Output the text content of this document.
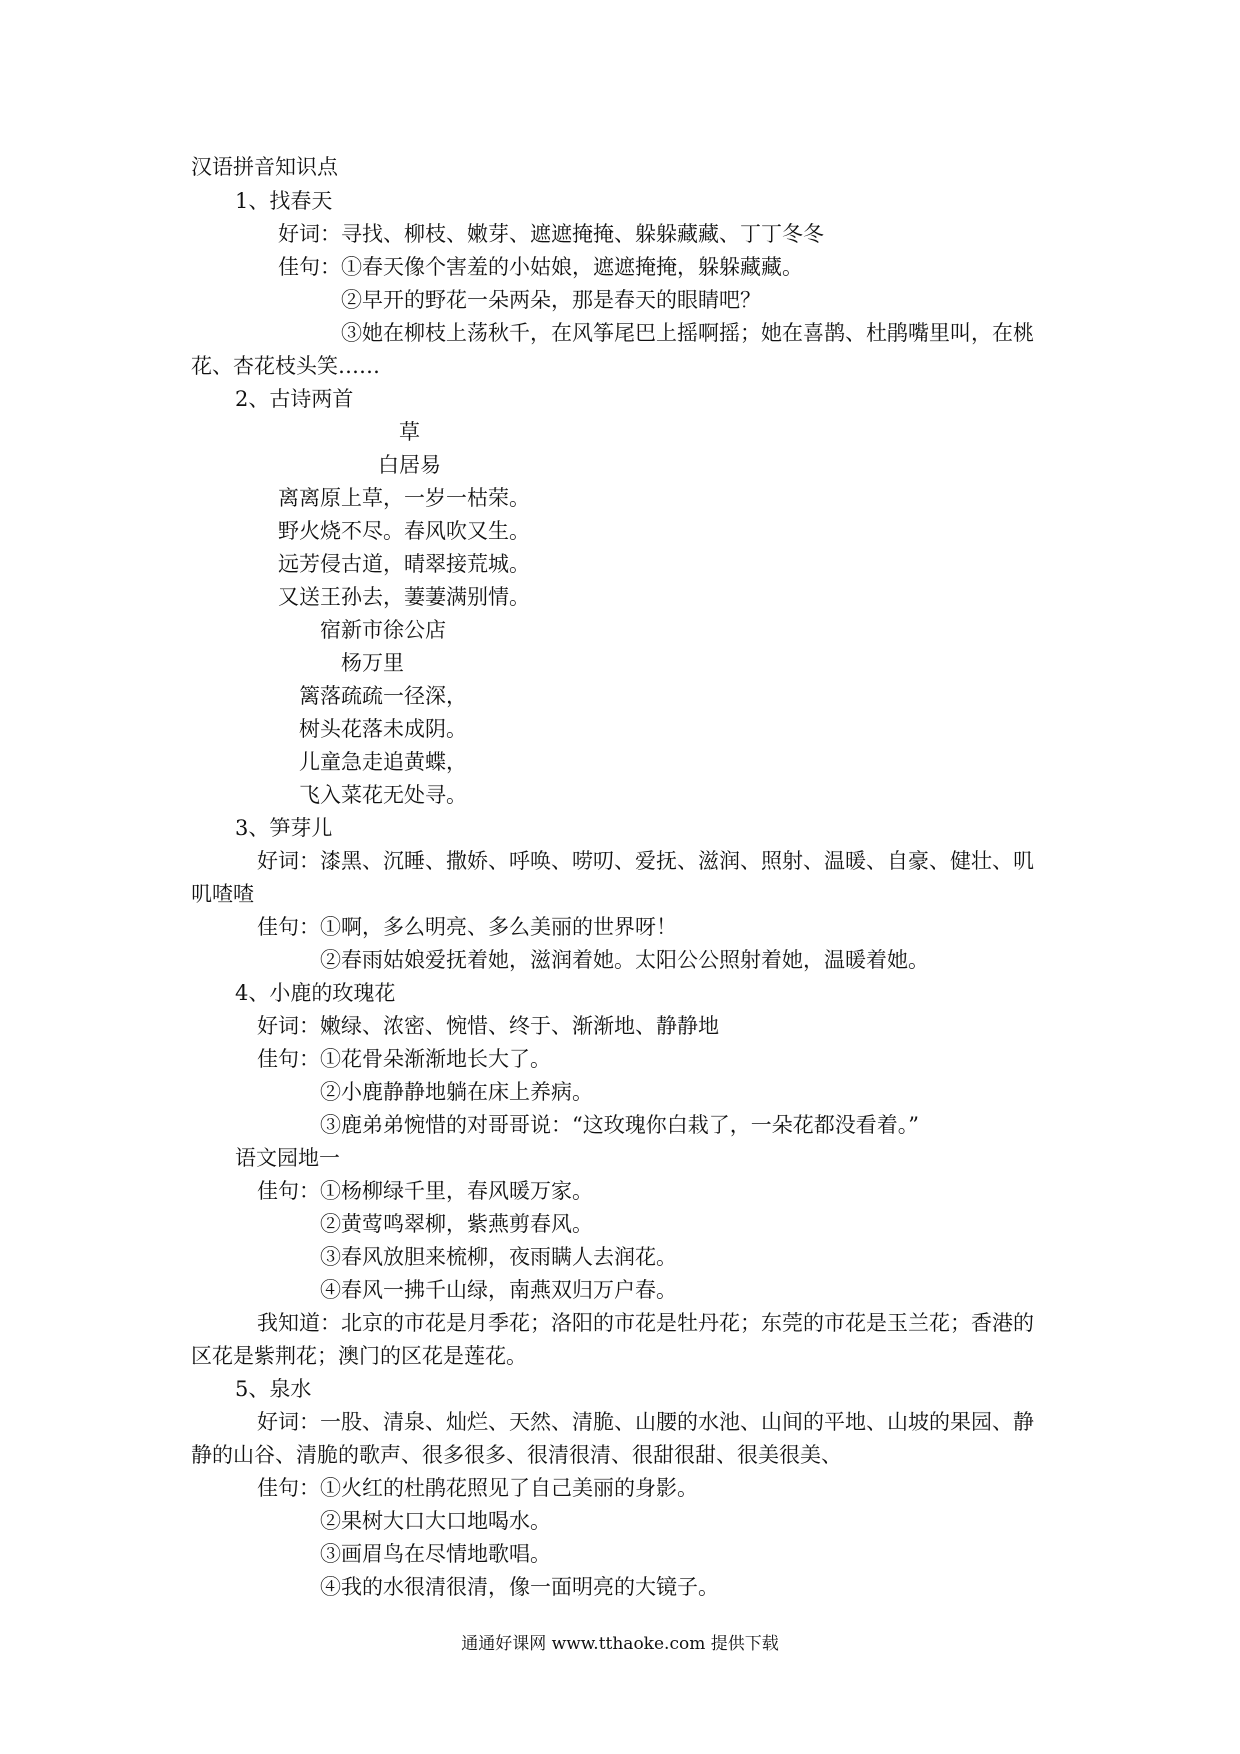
汉语拼音知识点
1、找春天
好词：寻找、柳枝、嫩芽、遮遮掩掩、躲躲藏藏、丁丁冬冬
佳句：①春天像个害羞的小姑娘，遮遮掩掩，躲躲藏藏。
②早开的野花一朵两朵，那是春天的眼睛吧？
③她在柳枝上荡秋千，在风筝尾巴上摇啊摇；她在喜鹊、杜鹃嘴里叫，在桃
花、杏花枝头笑……
2、古诗两首
草
白居易
离离原上草，一岁一枯荣。
野火烧不尽。春风吹又生。
远芳侵古道，晴翠接荒城。
又送王孙去，萋萋满别情。
宿新市徐公店
杨万里
篱落疏疏一径深，
树头花落未成阴。
儿童急走追黄蝶，
飞入菜花无处寻。
3、笋芽儿
好词：漆黑、沉睡、撒娇、呼唤、唠叨、爱抚、滋润、照射、温暖、自豪、健壮、叽
叽喳喳
佳句：①啊，多么明亮、多么美丽的世界呀！
②春雨姑娘爱抚着她，滋润着她。太阳公公照射着她，温暖着她。
4、小鹿的玫瑰花
好词：嫩绿、浓密、惋惜、终于、渐渐地、静静地
佳句：①花骨朵渐渐地长大了。
②小鹿静静地躺在床上养病。
③鹿弟弟惋惜的对哥哥说：“这玫瑰你白栽了，一朵花都没看着。”
语文园地一
佳句：①杨柳绿千里，春风暖万家。
②黄莺鸣翠柳，紫燕剪春风。
③春风放胆来梳柳，夜雨瞒人去润花。
④春风一拂千山绿，南燕双归万户春。
我知道：北京的市花是月季花；洛阳的市花是牡丹花；东莞的市花是玉兰花；香港的
区花是紫荆花；澳门的区花是莲花。
5、泉水
好词：一股、清泉、灿烂、天然、清脆、山腰的水池、山间的平地、山坡的果园、静
静的山谷、清脆的歌声、很多很多、很清很清、很甜很甜、很美很美、
佳句：①火红的杜鹃花照见了自己美丽的身影。
②果树大口大口地喝水。
③画眉鸟在尽情地歌唱。
④我的水很清很清，像一面明亮的大镜子。
通通好课网 www.tthaoke.com 提供下载
